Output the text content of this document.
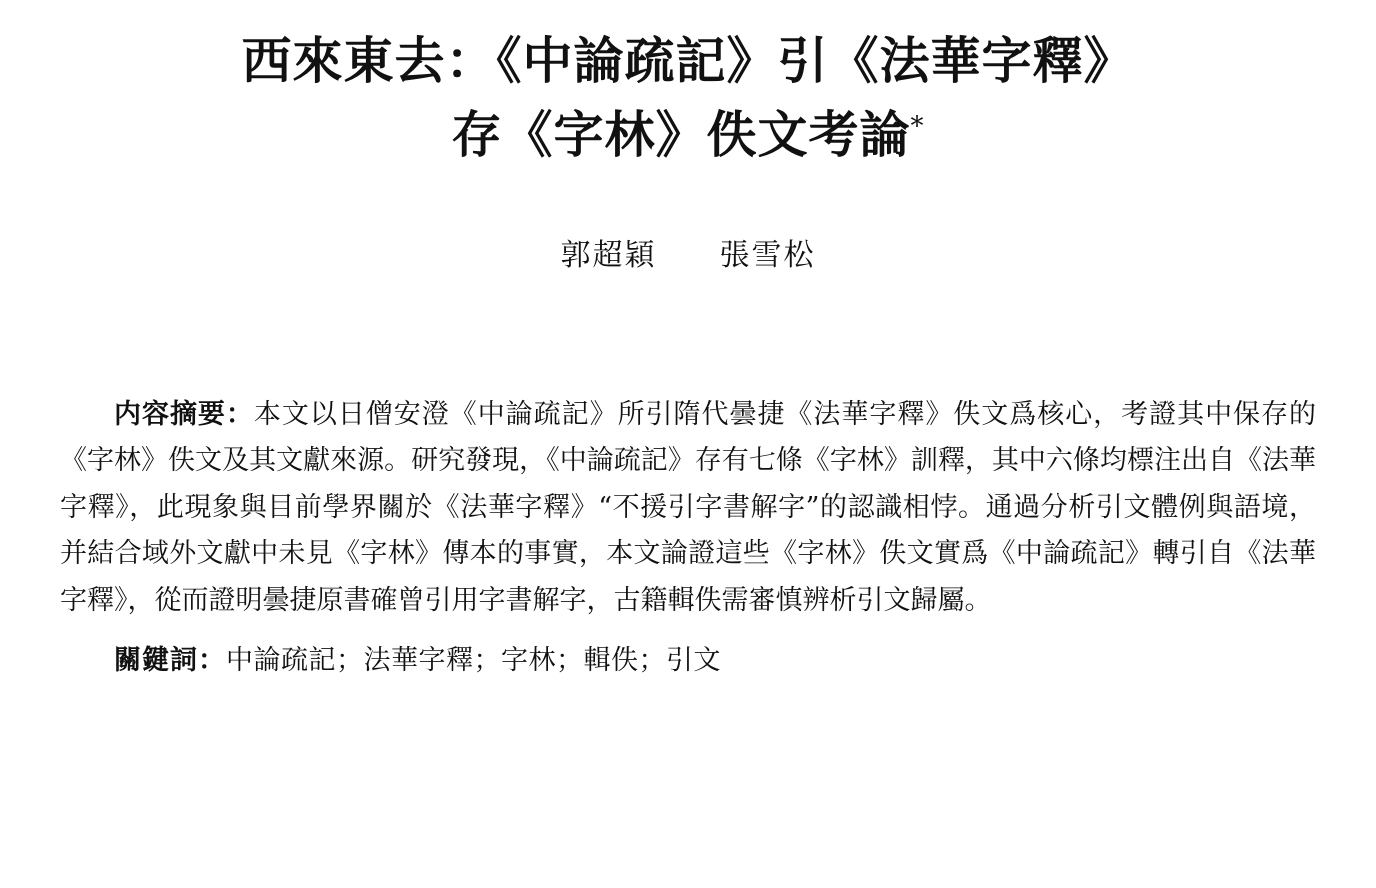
西來東去：《中論疏記》引《法華字釋》
存《字林》佚文考論*
郭超穎 張雪松

内容摘要：本文以日僧安澄《中論疏記》所引隋代曇捷《法華字釋》佚文爲核心，考證其中保存的《字林》佚文及其文獻來源。研究發現，《中論疏記》存有七條《字林》訓釋，其中六條均標注出自《法華字釋》，此現象與目前學界關於《法華字釋》“不援引字書解字”的認識相悖。通過分析引文體例與語境，并結合域外文獻中未見《字林》傳本的事實，本文論證這些《字林》佚文實爲《中論疏記》轉引自《法華字釋》，從而證明曇捷原書確曾引用字書解字，古籍輯佚需審慎辨析引文歸屬。

關鍵詞：中論疏記；法華字釋；字林；輯佚；引文
